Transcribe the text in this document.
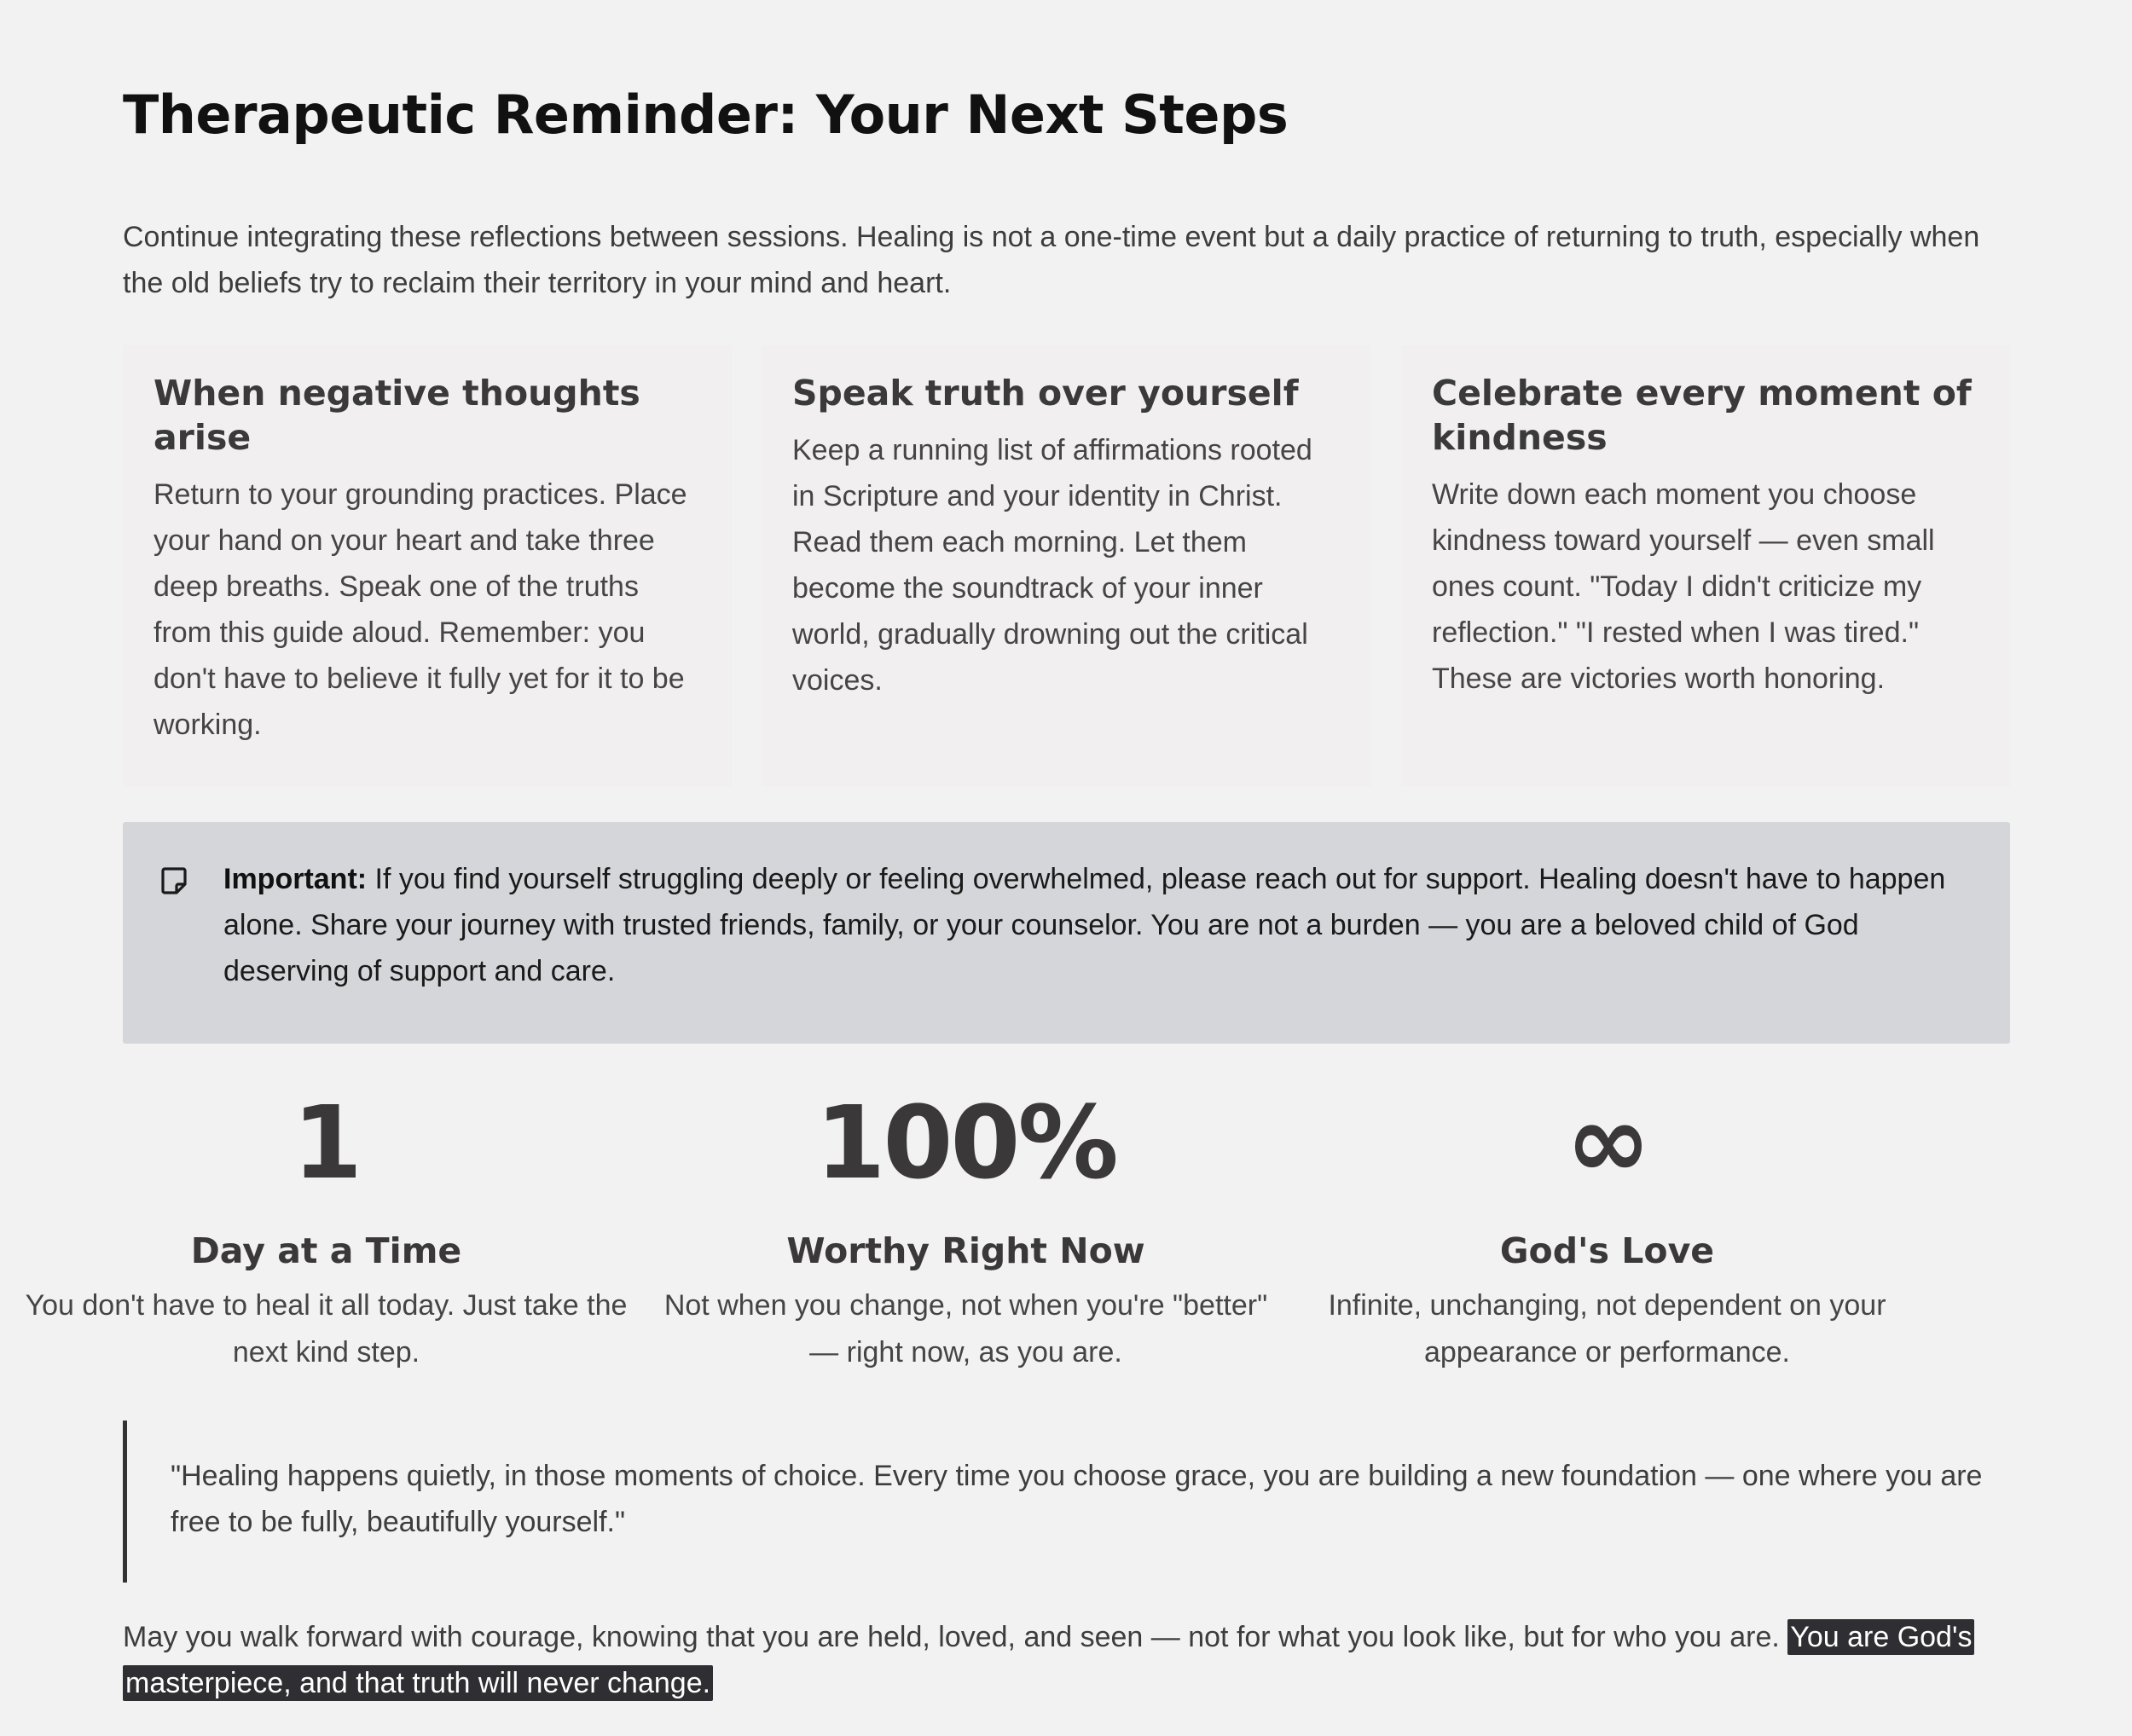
Therapeutic Reminder: Your Next Steps

Continue integrating these reflections between sessions. Healing is not a one-time event but a daily practice of returning to truth, especially when the old beliefs try to reclaim their territory in your mind and heart.

When negative thoughts arise

Return to your grounding practices. Place your hand on your heart and take three deep breaths. Speak one of the truths from this guide aloud. Remember: you don't have to believe it fully yet for it to be working.

Speak truth over yourself

Keep a running list of affirmations rooted in Scripture and your identity in Christ. Read them each morning. Let them become the soundtrack of your inner world, gradually drowning out the critical voices.

Celebrate every moment of kindness

Write down each moment you choose kindness toward yourself — even small ones count. "Today I didn't criticize my reflection." "I rested when I was tired." These are victories worth honoring.

Important: If you find yourself struggling deeply or feeling overwhelmed, please reach out for support. Healing doesn't have to happen alone. Share your journey with trusted friends, family, or your counselor. You are not a burden — you are a beloved child of God deserving of support and care.

1
Day at a Time
You don't have to heal it all today. Just take the next kind step.
100%
Worthy Right Now
Not when you change, not when you're "better" — right now, as you are.
∞
God's Love
Infinite, unchanging, not dependent on your appearance or performance.

"Healing happens quietly, in those moments of choice. Every time you choose grace, you are building a new foundation — one where you are free to be fully, beautifully yourself."

May you walk forward with courage, knowing that you are held, loved, and seen — not for what you look like, but for who you are. You are God's masterpiece, and that truth will never change.
